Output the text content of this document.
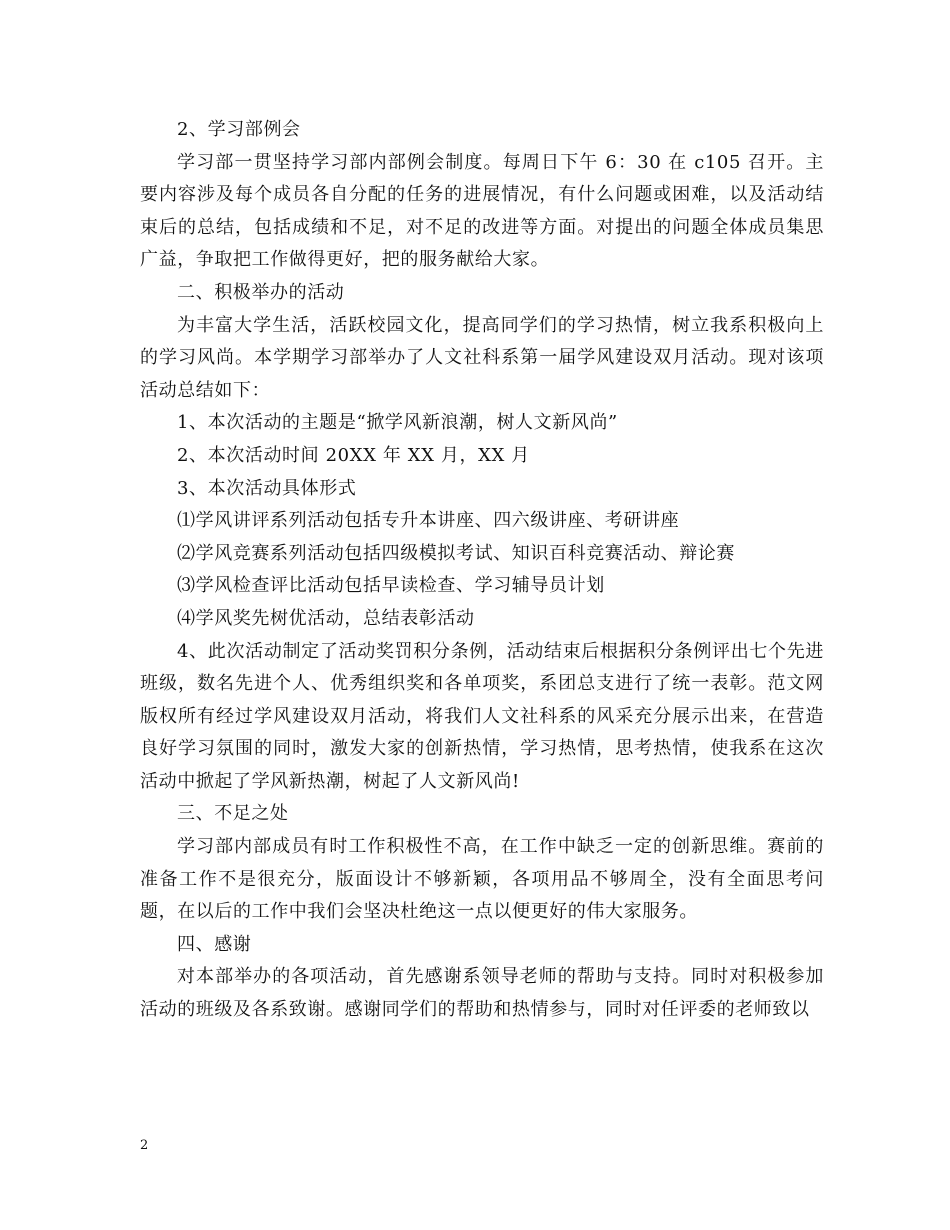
2、学习部例会

学习部一贯坚持学习部内部例会制度。每周日下午 6：30 在 c105 召开。主要内容涉及每个成员各自分配的任务的进展情况，有什么问题或困难，以及活动结束后的总结，包括成绩和不足，对不足的改进等方面。对提出的问题全体成员集思广益，争取把工作做得更好，把的服务献给大家。

二、积极举办的活动

为丰富大学生活，活跃校园文化，提高同学们的学习热情，树立我系积极向上的学习风尚。本学期学习部举办了人文社科系第一届学风建设双月活动。现对该项活动总结如下：

1、本次活动的主题是“掀学风新浪潮，树人文新风尚”

2、本次活动时间 20XX 年 XX 月，XX 月

3、本次活动具体形式

⑴学风讲评系列活动包括专升本讲座、四六级讲座、考研讲座

⑵学风竞赛系列活动包括四级模拟考试、知识百科竞赛活动、辩论赛

⑶学风检查评比活动包括早读检查、学习辅导员计划

⑷学风奖先树优活动，总结表彰活动

4、此次活动制定了活动奖罚积分条例，活动结束后根据积分条例评出七个先进班级，数名先进个人、优秀组织奖和各单项奖，系团总支进行了统一表彰。范文网版权所有经过学风建设双月活动，将我们人文社科系的风采充分展示出来，在营造良好学习氛围的同时，激发大家的创新热情，学习热情，思考热情，使我系在这次活动中掀起了学风新热潮，树起了人文新风尚!

三、不足之处

学习部内部成员有时工作积极性不高，在工作中缺乏一定的创新思维。赛前的准备工作不是很充分，版面设计不够新颖，各项用品不够周全，没有全面思考问题，在以后的工作中我们会坚决杜绝这一点以便更好的伟大家服务。

四、感谢

对本部举办的各项活动，首先感谢系领导老师的帮助与支持。同时对积极参加活动的班级及各系致谢。感谢同学们的帮助和热情参与，同时对任评委的老师致以

2
